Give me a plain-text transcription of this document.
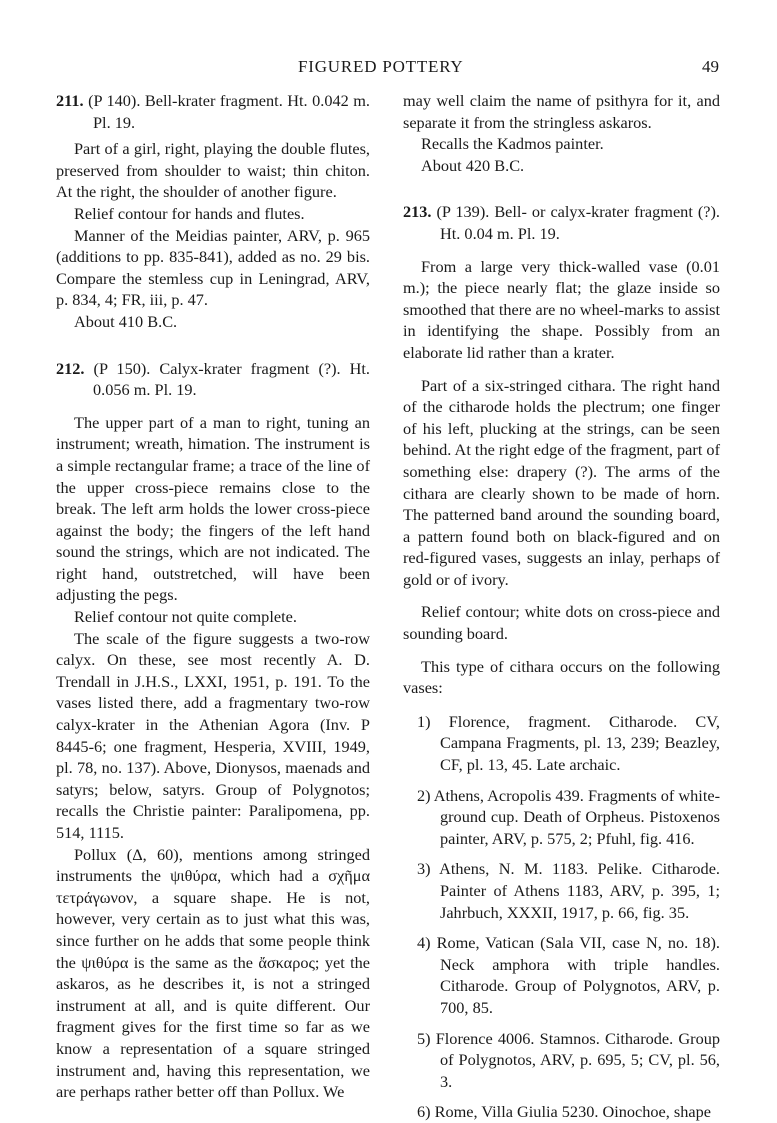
FIGURED POTTERY	49

211. (P 140). Bell-krater fragment. Ht. 0.042 m. Pl. 19.

Part of a girl, right, playing the double flutes, preserved from shoulder to waist; thin chiton. At the right, the shoulder of another figure.

Relief contour for hands and flutes.

Manner of the Meidias painter, ARV, p. 965 (additions to pp. 835-841), added as no. 29 bis. Compare the stemless cup in Leningrad, ARV, p. 834, 4; FR, iii, p. 47.

About 410 B.C.

212. (P 150). Calyx-krater fragment (?). Ht. 0.056 m. Pl. 19.

The upper part of a man to right, tuning an instrument; wreath, himation. The instrument is a simple rectangular frame; a trace of the line of the upper cross-piece remains close to the break. The left arm holds the lower cross-piece against the body; the fingers of the left hand sound the strings, which are not indicated. The right hand, outstretched, will have been adjusting the pegs.

Relief contour not quite complete.

The scale of the figure suggests a two-row calyx. On these, see most recently A. D. Trendall in J.H.S., LXXI, 1951, p. 191. To the vases listed there, add a fragmentary two-row calyx-krater in the Athenian Agora (Inv. P 8445-6; one fragment, Hesperia, XVIII, 1949, pl. 78, no. 137). Above, Dionysos, maenads and satyrs; below, satyrs. Group of Polygnotos; recalls the Christie painter: Paralipomena, pp. 514, 1115.

Pollux (Δ, 60), mentions among stringed instruments the ψιθύρα, which had a σχῆμα τετράγωνον, a square shape. He is not, however, very certain as to just what this was, since further on he adds that some people think the ψιθύρα is the same as the ἄσκαρος; yet the askaros, as he describes it, is not a stringed instrument at all, and is quite different. Our fragment gives for the first time so far as we know a representation of a square stringed instrument and, having this representation, we are perhaps rather better off than Pollux. We

may well claim the name of psithyra for it, and separate it from the stringless askaros.

Recalls the Kadmos painter.

About 420 B.C.

213. (P 139). Bell- or calyx-krater fragment (?). Ht. 0.04 m. Pl. 19.

From a large very thick-walled vase (0.01 m.); the piece nearly flat; the glaze inside so smoothed that there are no wheel-marks to assist in identifying the shape. Possibly from an elaborate lid rather than a krater.

Part of a six-stringed cithara. The right hand of the citharode holds the plectrum; one finger of his left, plucking at the strings, can be seen behind. At the right edge of the fragment, part of something else: drapery (?). The arms of the cithara are clearly shown to be made of horn. The patterned band around the sounding board, a pattern found both on black-figured and on red-figured vases, suggests an inlay, perhaps of gold or of ivory.

Relief contour; white dots on cross-piece and sounding board.

This type of cithara occurs on the following vases:

1) Florence, fragment. Citharode. CV, Campana Fragments, pl. 13, 239; Beazley, CF, pl. 13, 45. Late archaic.
2) Athens, Acropolis 439. Fragments of white-ground cup. Death of Orpheus. Pistoxenos painter, ARV, p. 575, 2; Pfuhl, fig. 416.
3) Athens, N. M. 1183. Pelike. Citharode. Painter of Athens 1183, ARV, p. 395, 1; Jahrbuch, XXXII, 1917, p. 66, fig. 35.
4) Rome, Vatican (Sala VII, case N, no. 18). Neck amphora with triple handles. Citharode. Group of Polygnotos, ARV, p. 700, 85.
5) Florence 4006. Stamnos. Citharode. Group of Polygnotos, ARV, p. 695, 5; CV, pl. 56, 3.
6) Rome, Villa Giulia 5230. Oinochoe, shape
